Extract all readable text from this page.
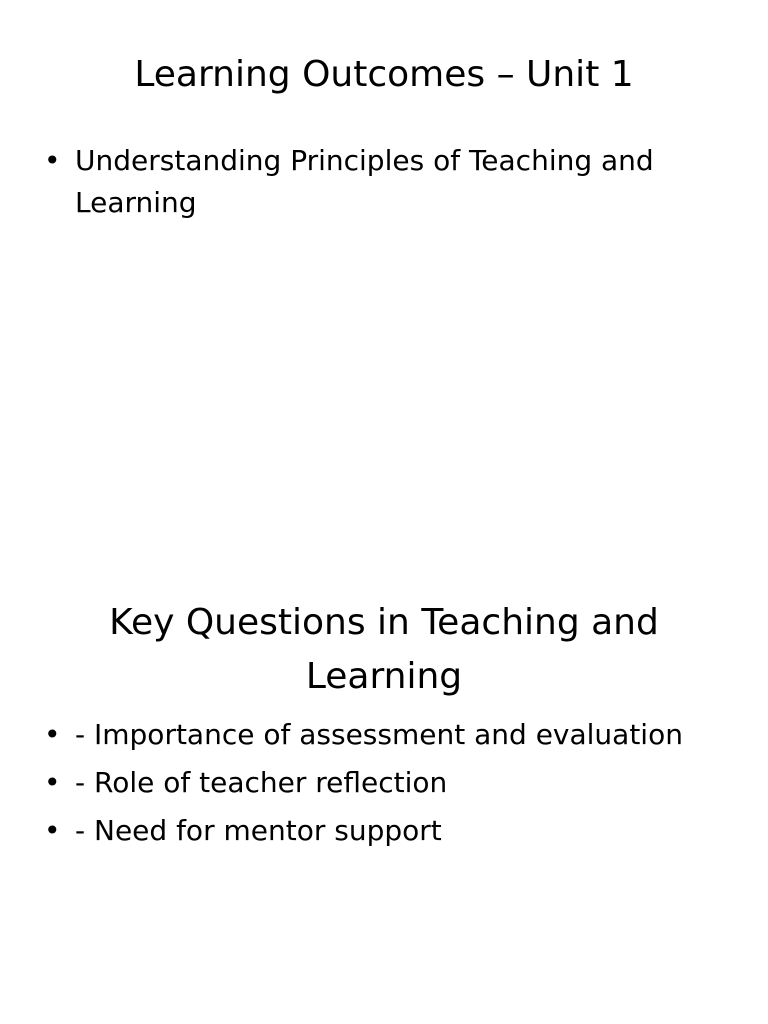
Learning Outcomes – Unit 1
• Understanding Principles of Teaching and Learning
Key Questions in Teaching and Learning
• - Importance of assessment and evaluation
• - Role of teacher reflection
• - Need for mentor support
